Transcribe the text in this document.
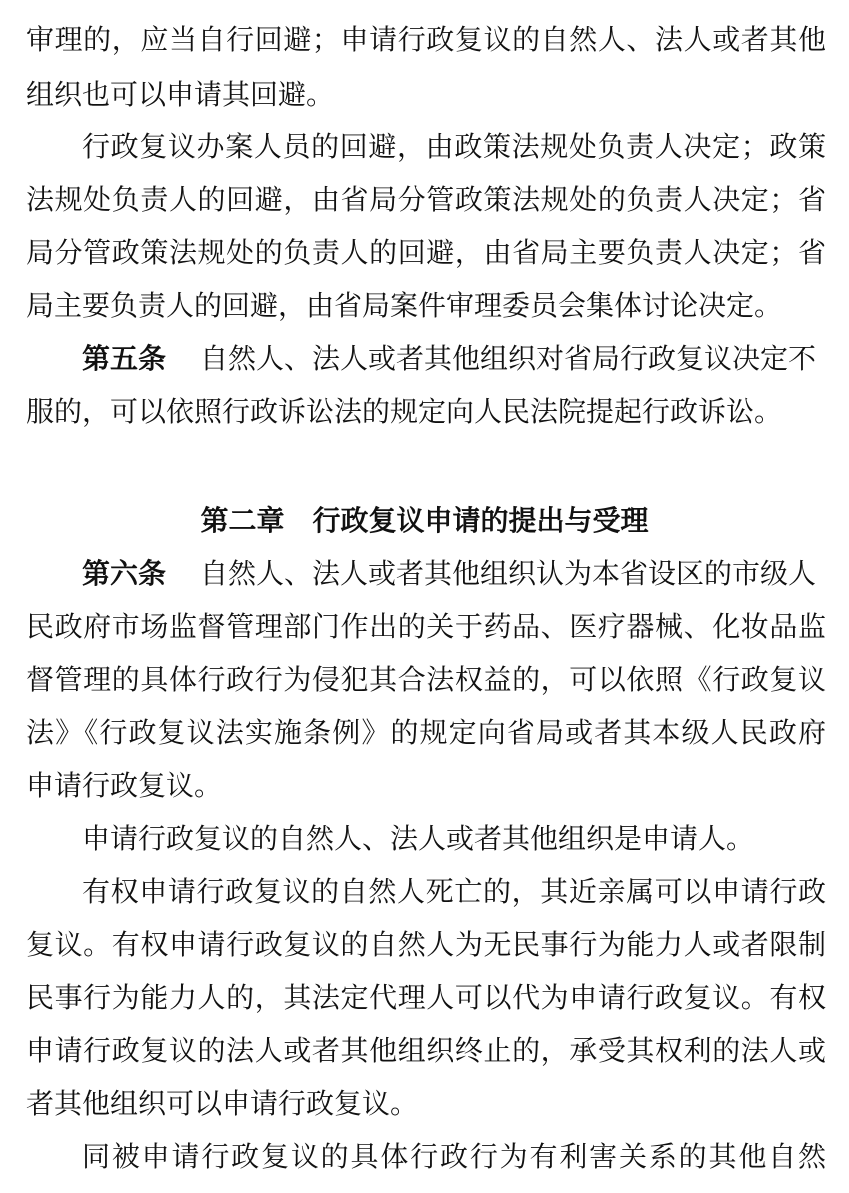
审理的，应当自行回避；申请行政复议的自然人、法人或者其他
组织也可以申请其回避。
行政复议办案人员的回避，由政策法规处负责人决定；政策
法规处负责人的回避，由省局分管政策法规处的负责人决定；省
局分管政策法规处的负责人的回避，由省局主要负责人决定；省
局主要负责人的回避，由省局案件审理委员会集体讨论决定。
第五条 自然人、法人或者其他组织对省局行政复议决定不
服的，可以依照行政诉讼法的规定向人民法院提起行政诉讼。
第二章 行政复议申请的提出与受理
第六条 自然人、法人或者其他组织认为本省设区的市级人
民政府市场监督管理部门作出的关于药品、医疗器械、化妆品监
督管理的具体行政行为侵犯其合法权益的，可以依照《行政复议
法》《行政复议法实施条例》的规定向省局或者其本级人民政府
申请行政复议。
申请行政复议的自然人、法人或者其他组织是申请人。
有权申请行政复议的自然人死亡的，其近亲属可以申请行政
复议。有权申请行政复议的自然人为无民事行为能力人或者限制
民事行为能力人的，其法定代理人可以代为申请行政复议。有权
申请行政复议的法人或者其他组织终止的，承受其权利的法人或
者其他组织可以申请行政复议。
同被申请行政复议的具体行政行为有利害关系的其他自然
